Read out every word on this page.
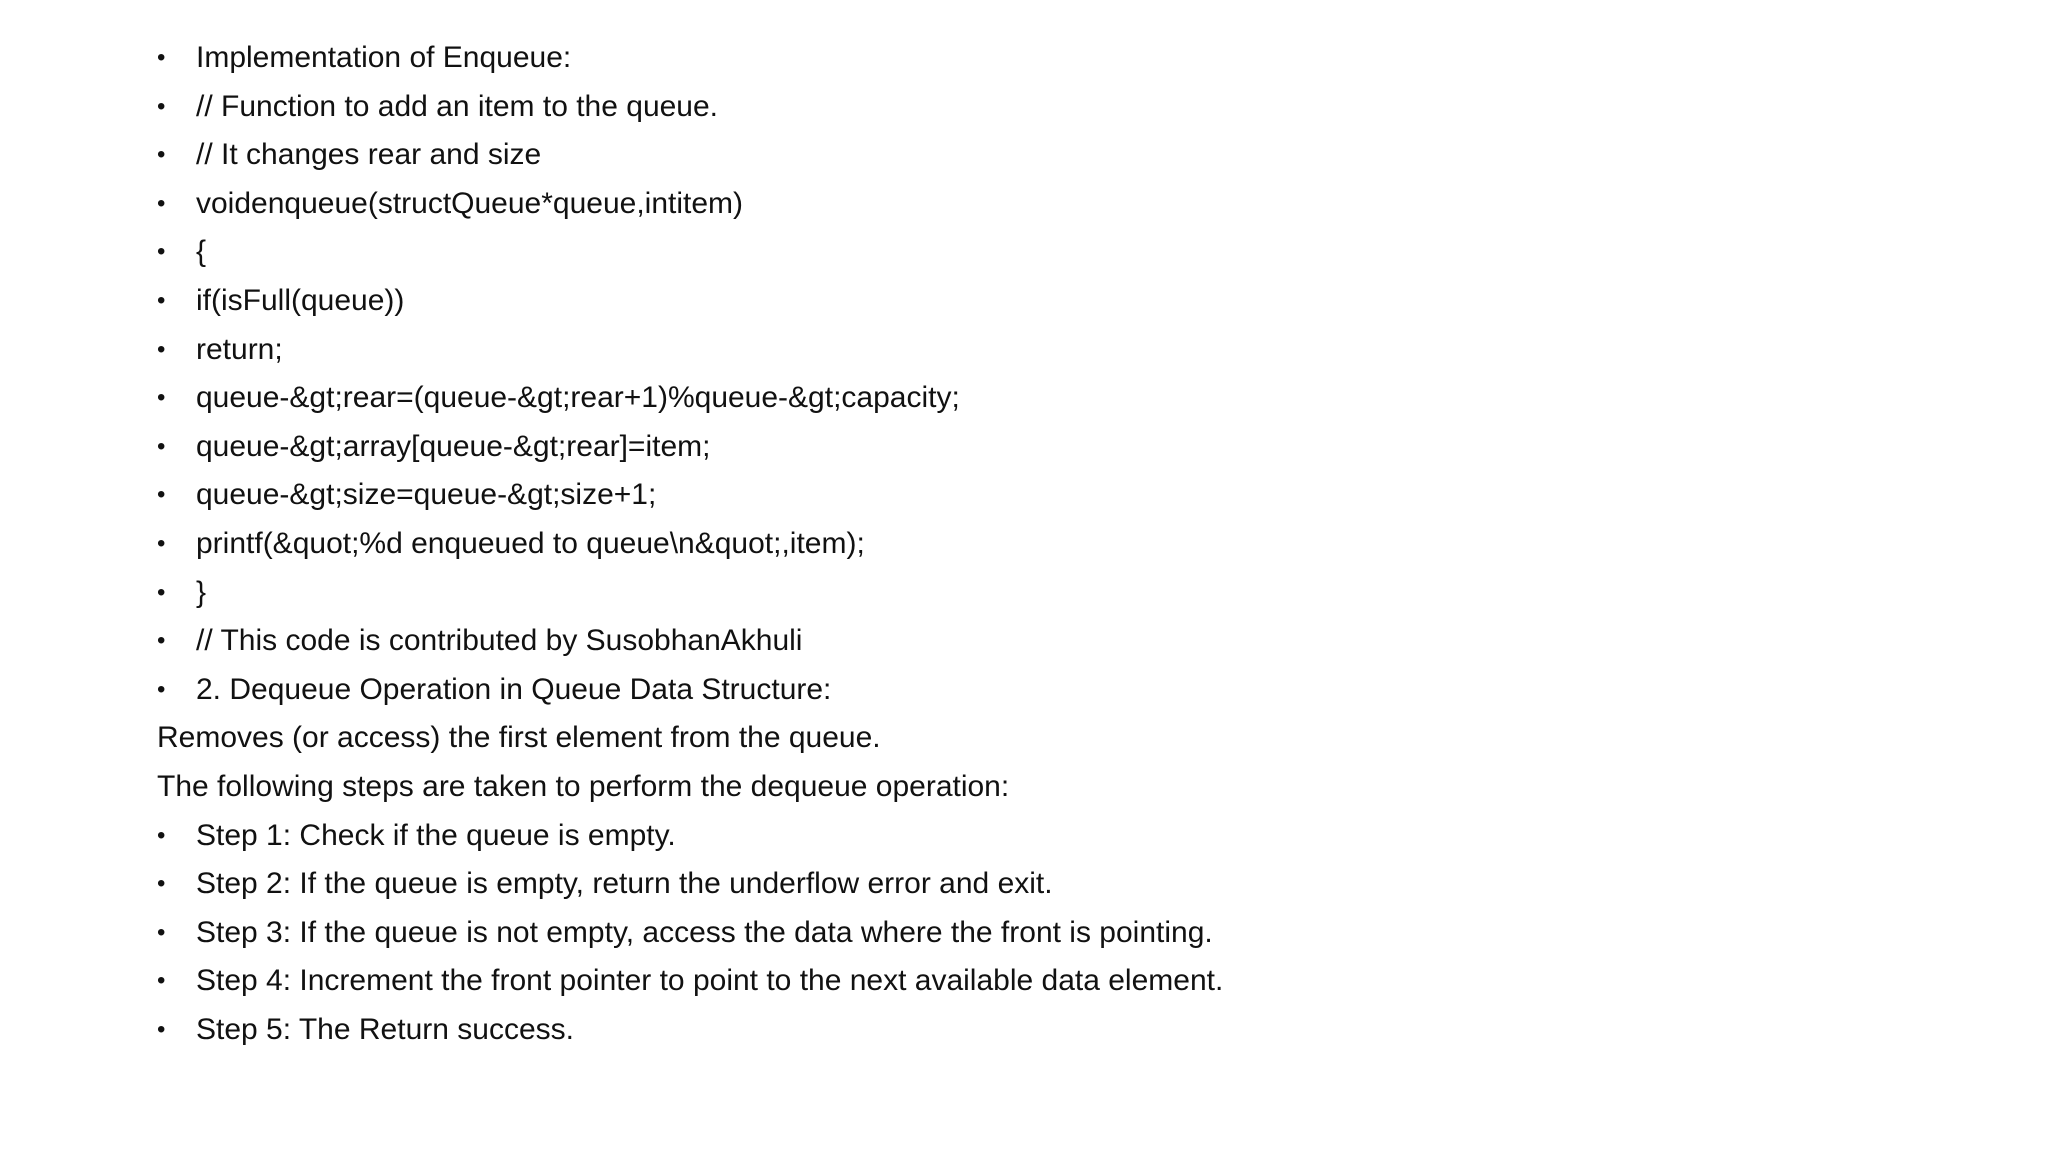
• Implementation of Enqueue:
• // Function to add an item to the queue.
• // It changes rear and size
• voidenqueue(structQueue*queue,intitem)
• {
• if(isFull(queue))
• return;
• queue-&gt;rear=(queue-&gt;rear+1)%queue-&gt;capacity;
• queue-&gt;array[queue-&gt;rear]=item;
• queue-&gt;size=queue-&gt;size+1;
• printf(&quot;%d enqueued to queue\n&quot;,item);
• }
• // This code is contributed by SusobhanAkhuli
• 2. Dequeue Operation in Queue Data Structure:
Removes (or access) the first element from the queue.
The following steps are taken to perform the dequeue operation:
• Step 1: Check if the queue is empty.
• Step 2: If the queue is empty, return the underflow error and exit.
• Step 3: If the queue is not empty, access the data where the front is pointing.
• Step 4: Increment the front pointer to point to the next available data element.
• Step 5: The Return success.
